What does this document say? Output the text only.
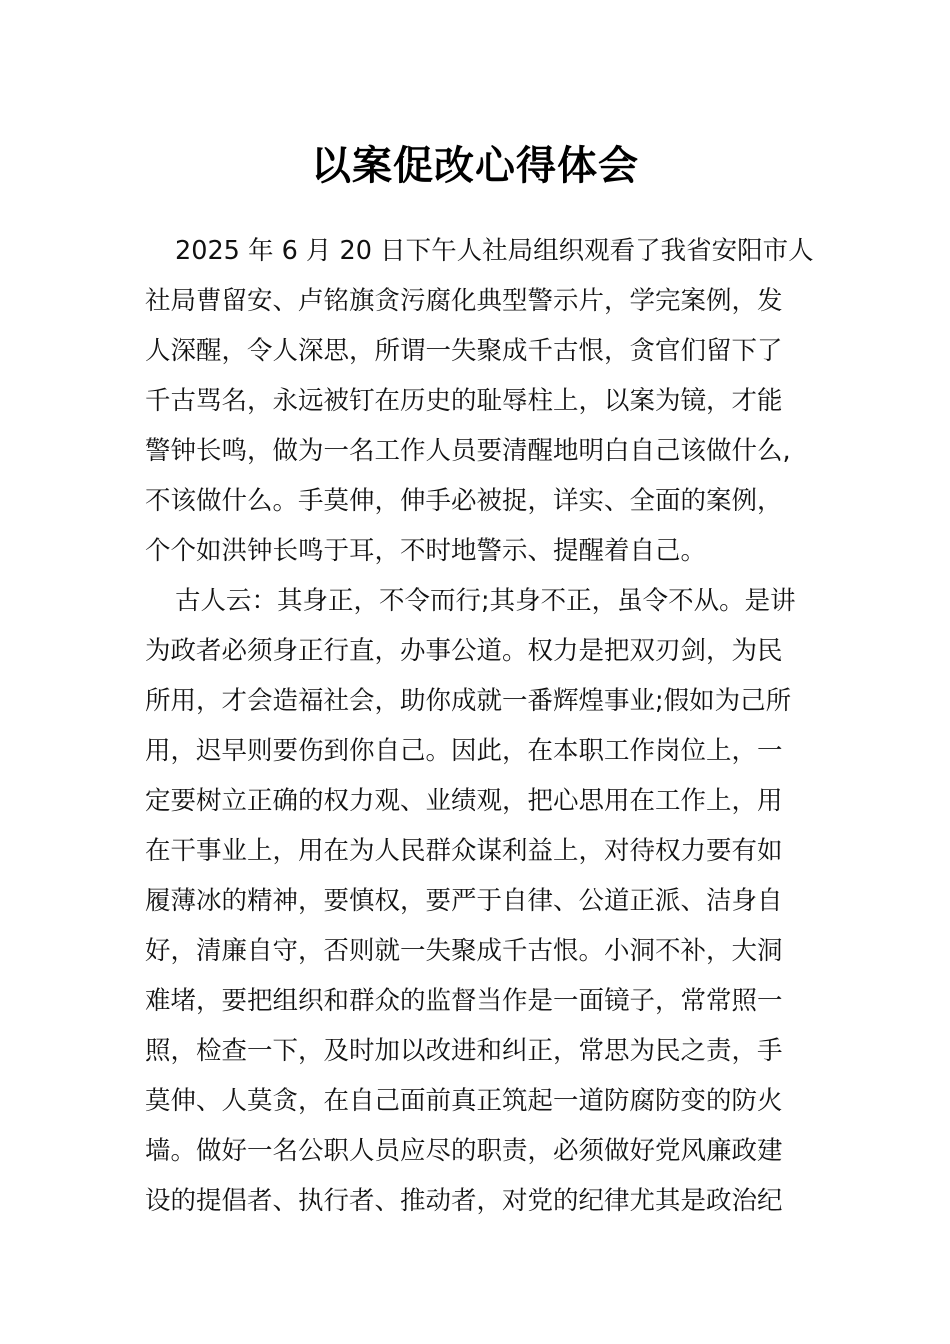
以案促改心得体会
2025 年 6 月 20 日下午人社局组织观看了我省安阳市人
社局曹留安、卢铭旗贪污腐化典型警示片，学完案例，发
人深醒，令人深思，所谓一失聚成千古恨，贪官们留下了
千古骂名，永远被钉在历史的耻辱柱上，以案为镜，才能
警钟长鸣，做为一名工作人员要清醒地明白自己该做什么,
不该做什么。手莫伸，伸手必被捉，详实、全面的案例，
个个如洪钟长鸣于耳，不时地警示、提醒着自己。
古人云：其身正，不令而行;其身不正，虽令不从。是讲
为政者必须身正行直，办事公道。权力是把双刃剑，为民
所用，才会造福社会，助你成就一番辉煌事业;假如为己所
用，迟早则要伤到你自己。因此，在本职工作岗位上，一
定要树立正确的权力观、业绩观，把心思用在工作上，用
在干事业上，用在为人民群众谋利益上，对待权力要有如
履薄冰的精神，要慎权，要严于自律、公道正派、洁身自
好，清廉自守，否则就一失聚成千古恨。小洞不补，大洞
难堵，要把组织和群众的监督当作是一面镜子，常常照一
照，检查一下，及时加以改进和纠正，常思为民之责，手
莫伸、人莫贪，在自己面前真正筑起一道防腐防变的防火
墙。做好一名公职人员应尽的职责，必须做好党风廉政建
设的提倡者、执行者、推动者，对党的纪律尤其是政治纪
